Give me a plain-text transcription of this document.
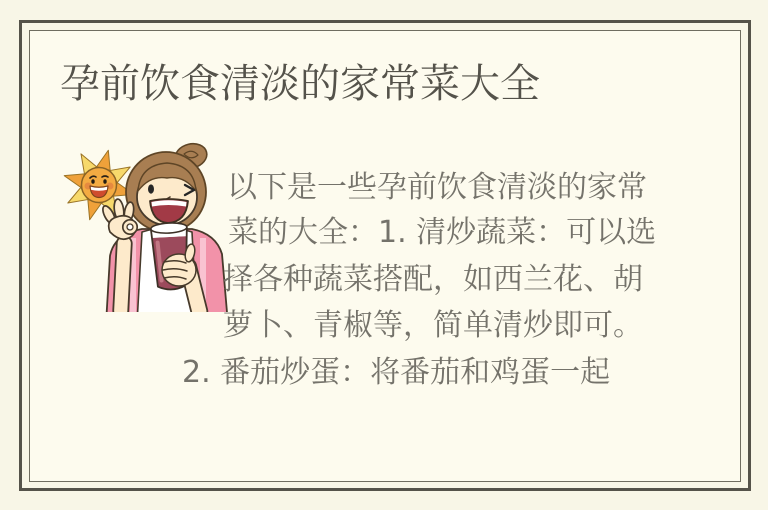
孕前饮食清淡的家常菜大全
以下是一些孕前饮食清淡的家常
菜的大全：1. 清炒蔬菜：可以选
择各种蔬菜搭配，如西兰花、胡
萝卜、青椒等，简单清炒即可。
2. 番茄炒蛋：将番茄和鸡蛋一起
